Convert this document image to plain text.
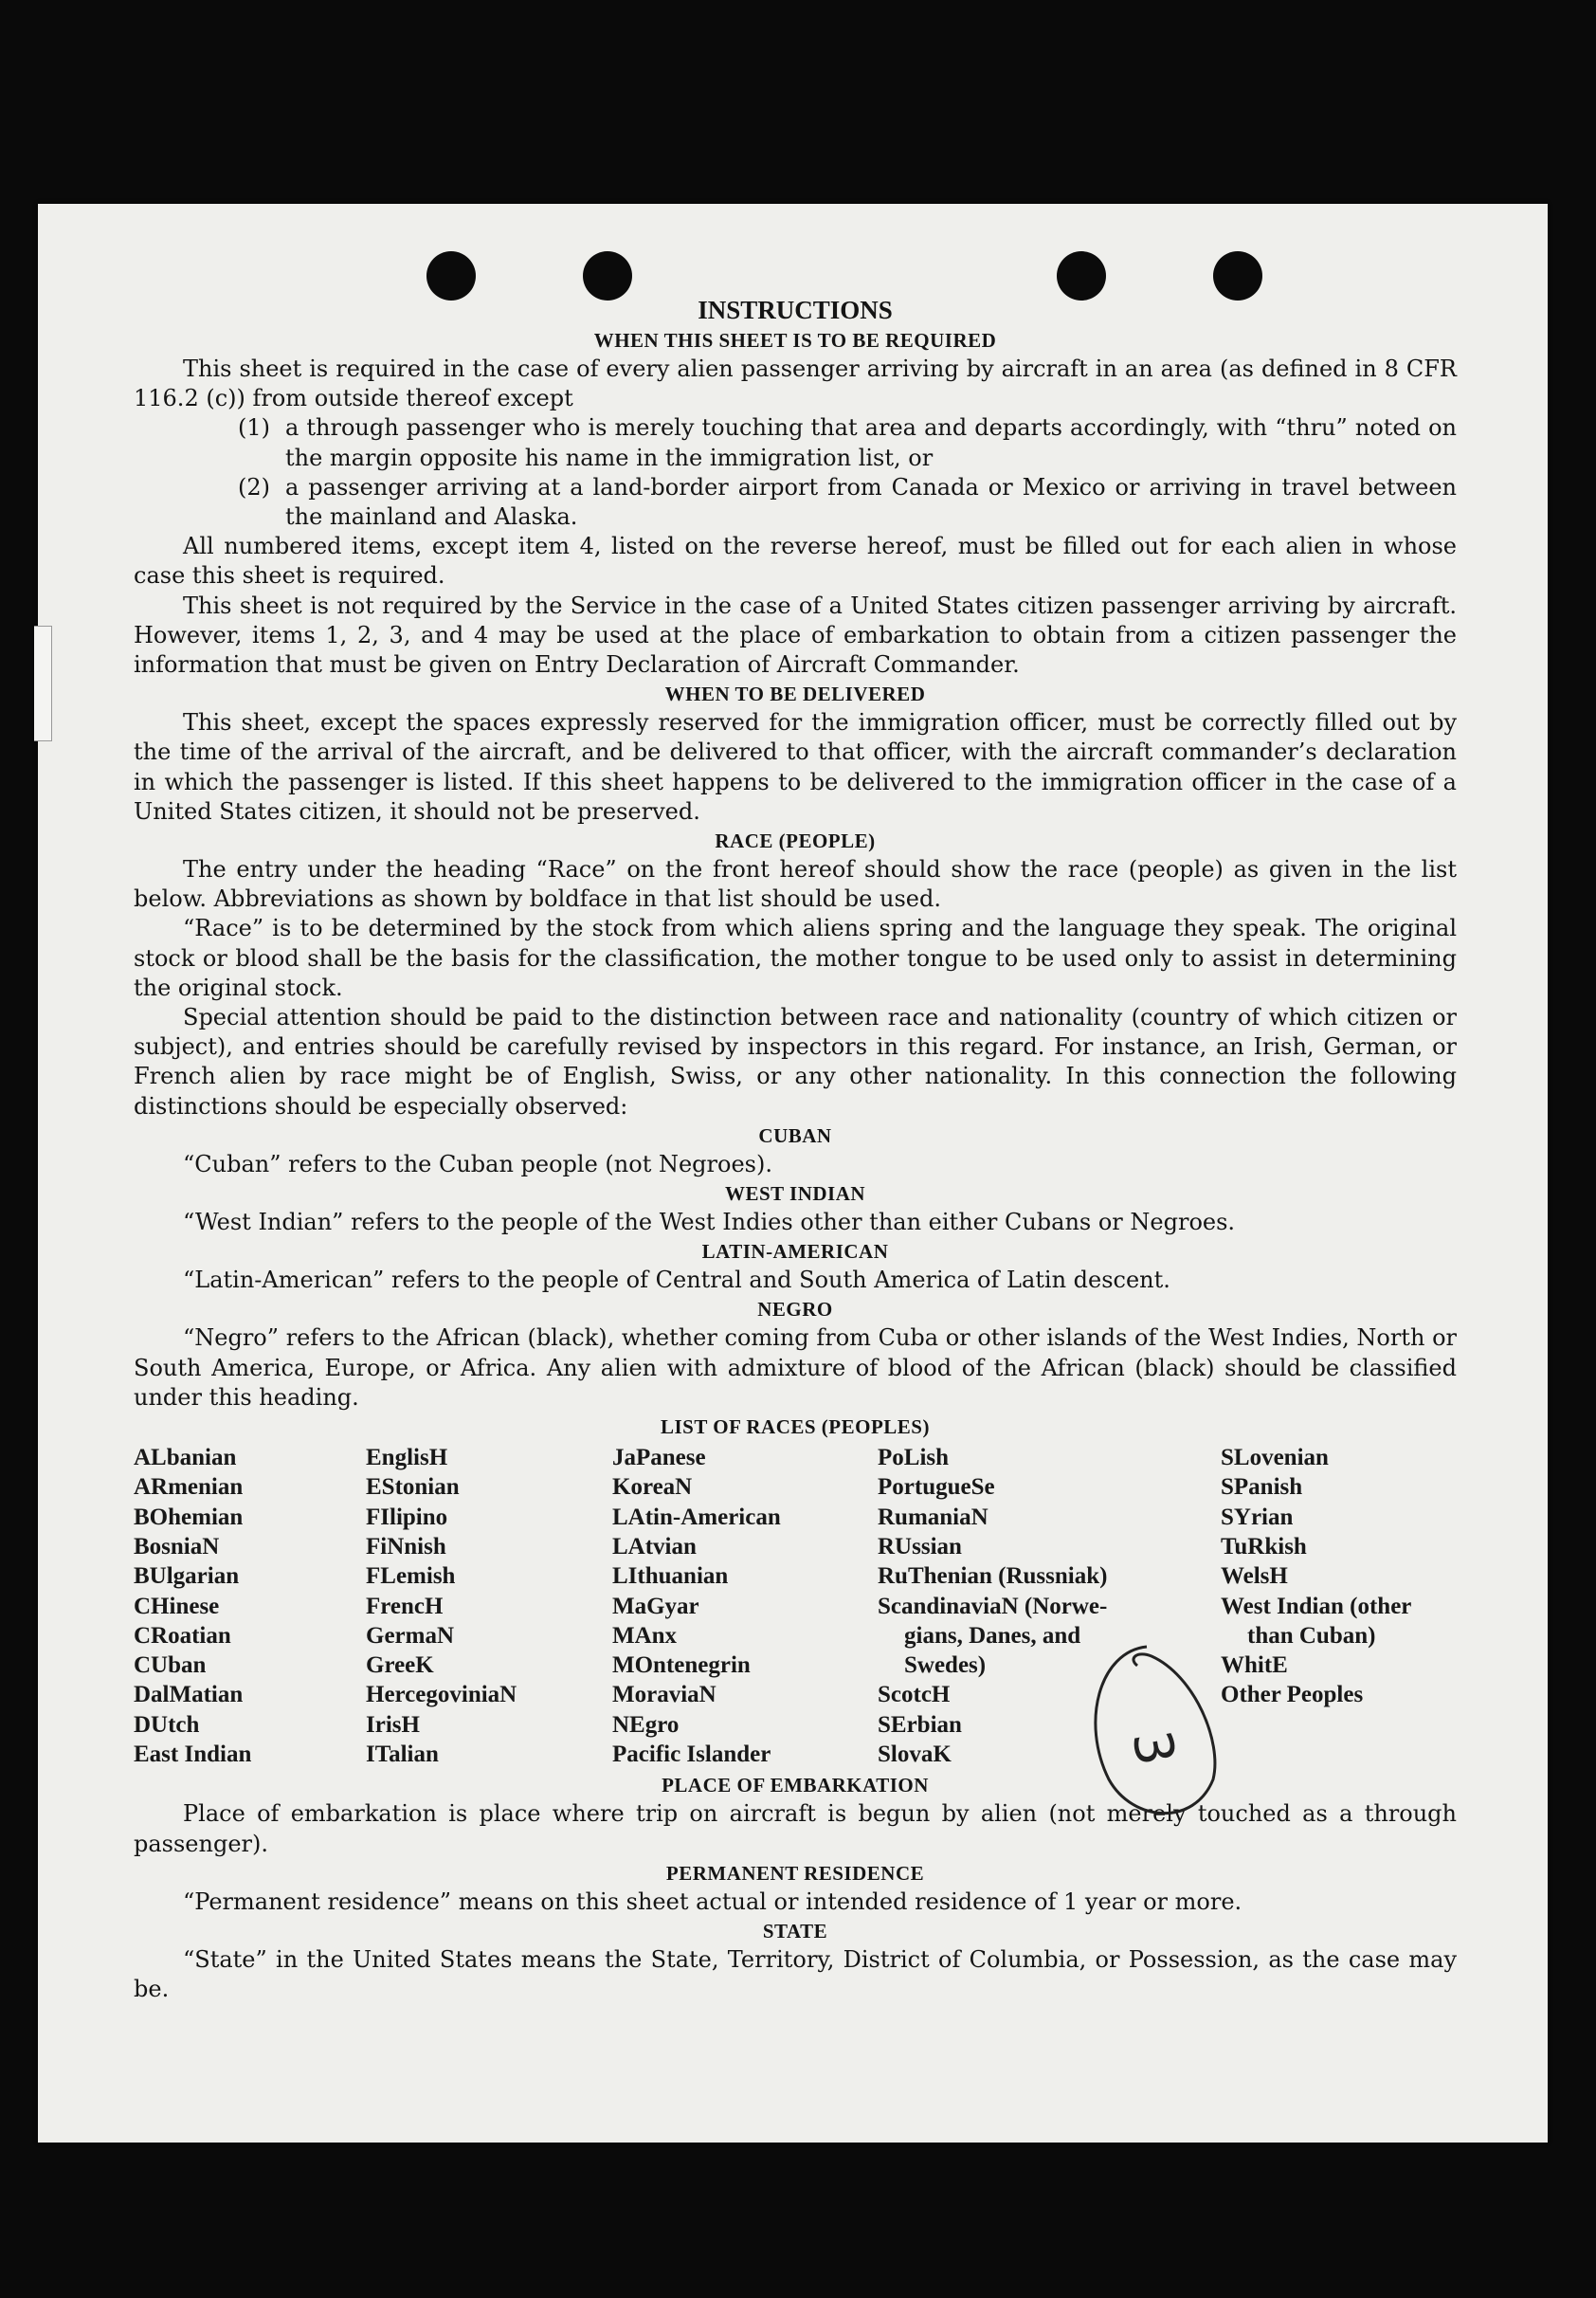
INSTRUCTIONS
WHEN THIS SHEET IS TO BE REQUIRED

This sheet is required in the case of every alien passenger arriving by aircraft in an area (as defined in 8 CFR 116.2 (c)) from outside thereof except

(1) a through passenger who is merely touching that area and departs accordingly, with “thru” noted on the margin opposite his name in the immigration list, or
(2) a passenger arriving at a land-border airport from Canada or Mexico or arriving in travel between the mainland and Alaska.

All numbered items, except item 4, listed on the reverse hereof, must be filled out for each alien in whose case this sheet is required.

This sheet is not required by the Service in the case of a United States citizen passenger arriving by aircraft. However, items 1, 2, 3, and 4 may be used at the place of embarkation to obtain from a citizen passenger the information that must be given on Entry Declaration of Aircraft Commander.

WHEN TO BE DELIVERED

This sheet, except the spaces expressly reserved for the immigration officer, must be correctly filled out by the time of the arrival of the aircraft, and be delivered to that officer, with the aircraft commander’s declaration in which the passenger is listed. If this sheet happens to be delivered to the immigration officer in the case of a United States citizen, it should not be preserved.

RACE (PEOPLE)

The entry under the heading “Race” on the front hereof should show the race (people) as given in the list below. Abbreviations as shown by boldface in that list should be used.

“Race” is to be determined by the stock from which aliens spring and the language they speak. The original stock or blood shall be the basis for the classification, the mother tongue to be used only to assist in determining the original stock.

Special attention should be paid to the distinction between race and nationality (country of which citizen or subject), and entries should be carefully revised by inspectors in this regard. For instance, an Irish, German, or French alien by race might be of English, Swiss, or any other nationality. In this connection the following distinctions should be especially observed:

CUBAN

“Cuban” refers to the Cuban people (not Negroes).

WEST INDIAN

“West Indian” refers to the people of the West Indies other than either Cubans or Negroes.

LATIN-AMERICAN

“Latin-American” refers to the people of Central and South America of Latin descent.

NEGRO

“Negro” refers to the African (black), whether coming from Cuba or other islands of the West Indies, North or South America, Europe, or Africa. Any alien with admixture of blood of the African (black) should be classified under this heading.

LIST OF RACES (PEOPLES)
ALbanian
ARmenian
BOhemian
BosniaN
BUlgarian
CHinese
CRoatian
CUban
DalMatian
DUtch
East Indian
EnglisH
EStonian
FIlipino
FiNnish
FLemish
FrencH
GermaN
GreeK
HercegoviniaN
IrisH
ITalian
JaPanese
KoreaN
LAtin-American
LAtvian
LIthuanian
MaGyar
MAnx
MOntenegrin
MoraviaN
NEgro
Pacific Islander
PoLish
PortugueSe
RumaniaN
RUssian
RuThenian (Russniak)
ScandinaviaN (Norwe-
gians, Danes, and
Swedes)
ScotcH
SErbian
SlovaK
SLovenian
SPanish
SYrian
TuRkish
WelsH
West Indian (other
than Cuban)
WhitE
Other Peoples
PLACE OF EMBARKATION

Place of embarkation is place where trip on aircraft is begun by alien (not merely touched as a through passenger).

PERMANENT RESIDENCE

“Permanent residence” means on this sheet actual or intended residence of 1 year or more.

STATE

“State” in the United States means the State, Territory, District of Columbia, or Possession, as the case may be.

3
